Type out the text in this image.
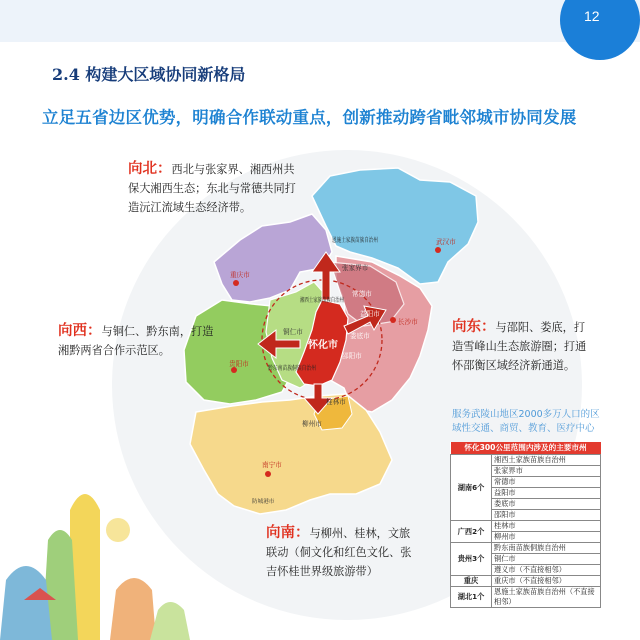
12
2.4 构建大区域协同新格局
立足五省边区优势，明确合作联动重点，创新推动跨省毗邻城市协同发展
武汉市
重庆市
张家界市
常德市
益阳市
长沙市
铜仁市	娄底市
邵阳市
贵阳市
桂林市
柳州市
南宁市
防城港市
恩施土家族苗族自治州
湘西土家族苗族自治州
黔东南苗族侗族自治州
怀化市
向北：西北与张家界、湘西州共保大湘西生态；东北与常德共同打造沅江流域生态经济带。
向西：与铜仁、黔东南，打造湘黔两省合作示范区。
向东：与邵阳、娄底，打造雪峰山生态旅游圈；打通怀邵衡区域经济新通道。
向南：与柳州、桂林，文旅联动（侗文化和红色文化、张吉怀桂世界级旅游带）
服务武陵山地区2000多万人口的区域性交通、商贸、教育、医疗中心
怀化300公里范围内涉及的主要市州	
湖南6个	湘西土家族苗族自治州
	张家界市
	常德市
	益阳市
	娄底市
	邵阳市
广西2个	桂林市
	柳州市
贵州3个	黔东南苗族侗族自治州
	铜仁市
	遵义市（不直接相邻）
重庆	重庆市（不直接相邻）
湖北1个	恩施土家族苗族自治州（不直接相邻）
